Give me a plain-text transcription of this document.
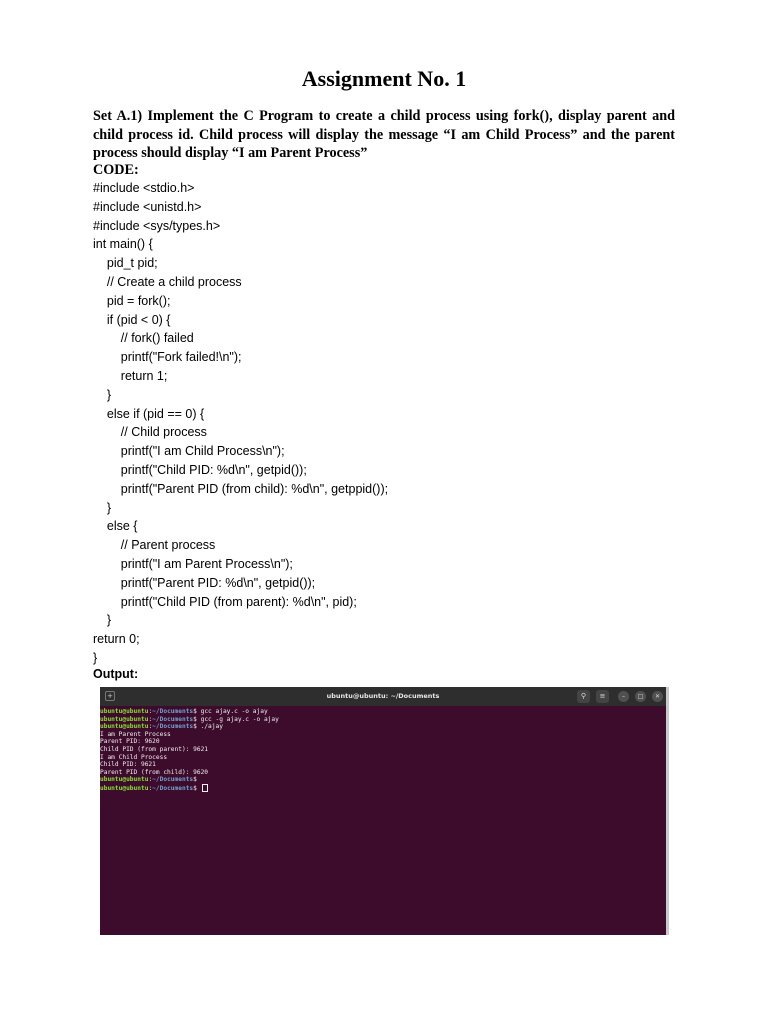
Assignment No. 1
Set A.1) Implement the C Program to create a child process using fork(), display parent and child process id. Child process will display the message “I am Child Process” and the parent process should display “I am Parent Process”
CODE:
#include <stdio.h>
#include <unistd.h>
#include <sys/types.h>
int main() {
pid_t pid;
// Create a child process
pid = fork();
if (pid < 0) {
// fork() failed
printf("Fork failed!\n");
return 1;
}
else if (pid == 0) {
// Child process
printf("I am Child Process\n");
printf("Child PID: %d\n", getpid());
printf("Parent PID (from child): %d\n", getppid());
}
else {
// Parent process
printf("I am Parent Process\n");
printf("Parent PID: %d\n", getpid());
printf("Child PID (from parent): %d\n", pid);
}
return 0;
}
Output:
+	ubuntu@ubuntu: ~/Documents	⚲	≡	–	□	✕
ubuntu@ubuntu:~/Documents$ gcc ajay.c -o ajay
ubuntu@ubuntu:~/Documents$ gcc -g ajay.c -o ajay
ubuntu@ubuntu:~/Documents$ ./ajay
I am Parent Process
Parent PID: 9620
Child PID (from parent): 9621
I am Child Process
Child PID: 9621
Parent PID (from child): 9620
ubuntu@ubuntu:~/Documents$
ubuntu@ubuntu:~/Documents$
